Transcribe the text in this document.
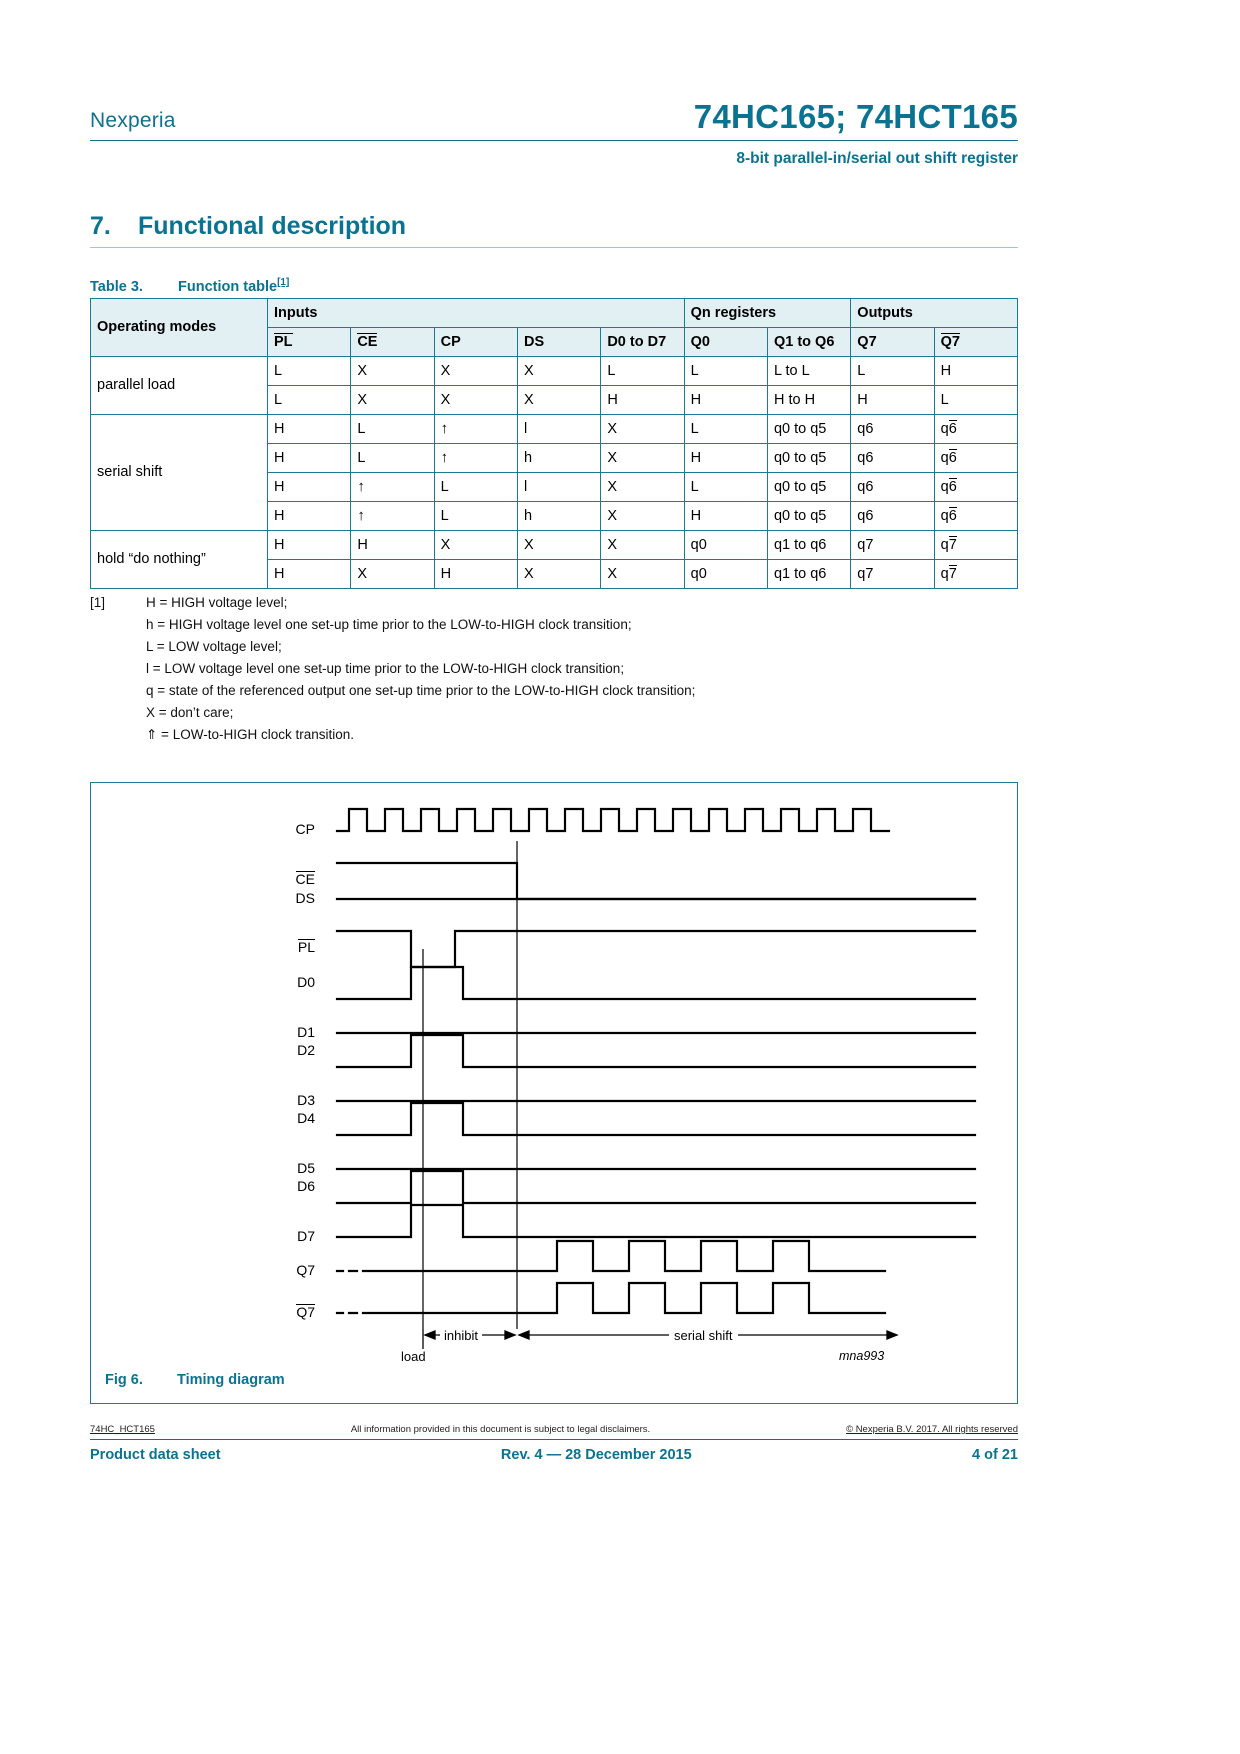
Nexperia	74HC165; 74HCT165
8-bit parallel-in/serial out shift register
7. Functional description
Table 3. Function table[1]
Operating modes	Inputs					Qn registers		Outputs	
	PL	CE	CP	DS	D0 to D7	Q0	Q1 to Q6	Q7	Q7
parallel load	L	X	X	X	L	L	L to L	L	H
	L	X	X	X	H	H	H to H	H	L
serial shift	H	L	↑	l	X	L	q0 to q5	q6	q6
	H	L	↑	h	X	H	q0 to q5	q6	q6
	H	↑	L	l	X	L	q0 to q5	q6	q6
	H	↑	L	h	X	H	q0 to q5	q6	q6
hold “do nothing”	H	H	X	X	X	q0	q1 to q6	q7	q7
	H	X	H	X	X	q0	q1 to q6	q7	q7
[1]	H = HIGH voltage level;
h = HIGH voltage level one set-up time prior to the LOW-to-HIGH clock transition;
L = LOW voltage level;
l = LOW voltage level one set-up time prior to the LOW-to-HIGH clock transition;
q = state of the referenced output one set-up time prior to the LOW-to-HIGH clock transition;
X = don’t care;
⇑ = LOW-to-HIGH clock transition.
CP
CE
DS
PL
D0
D1
D2
D3
D4
D5
D6
D7
Q7
Q7
inhibit	serial shift
load	mna993
Fig 6. Timing diagram
74HC_HCT165	All information provided in this document is subject to legal disclaimers.	© Nexperia B.V. 2017. All rights reserved
Product data sheet	Rev. 4 — 28 December 2015	4 of 21
